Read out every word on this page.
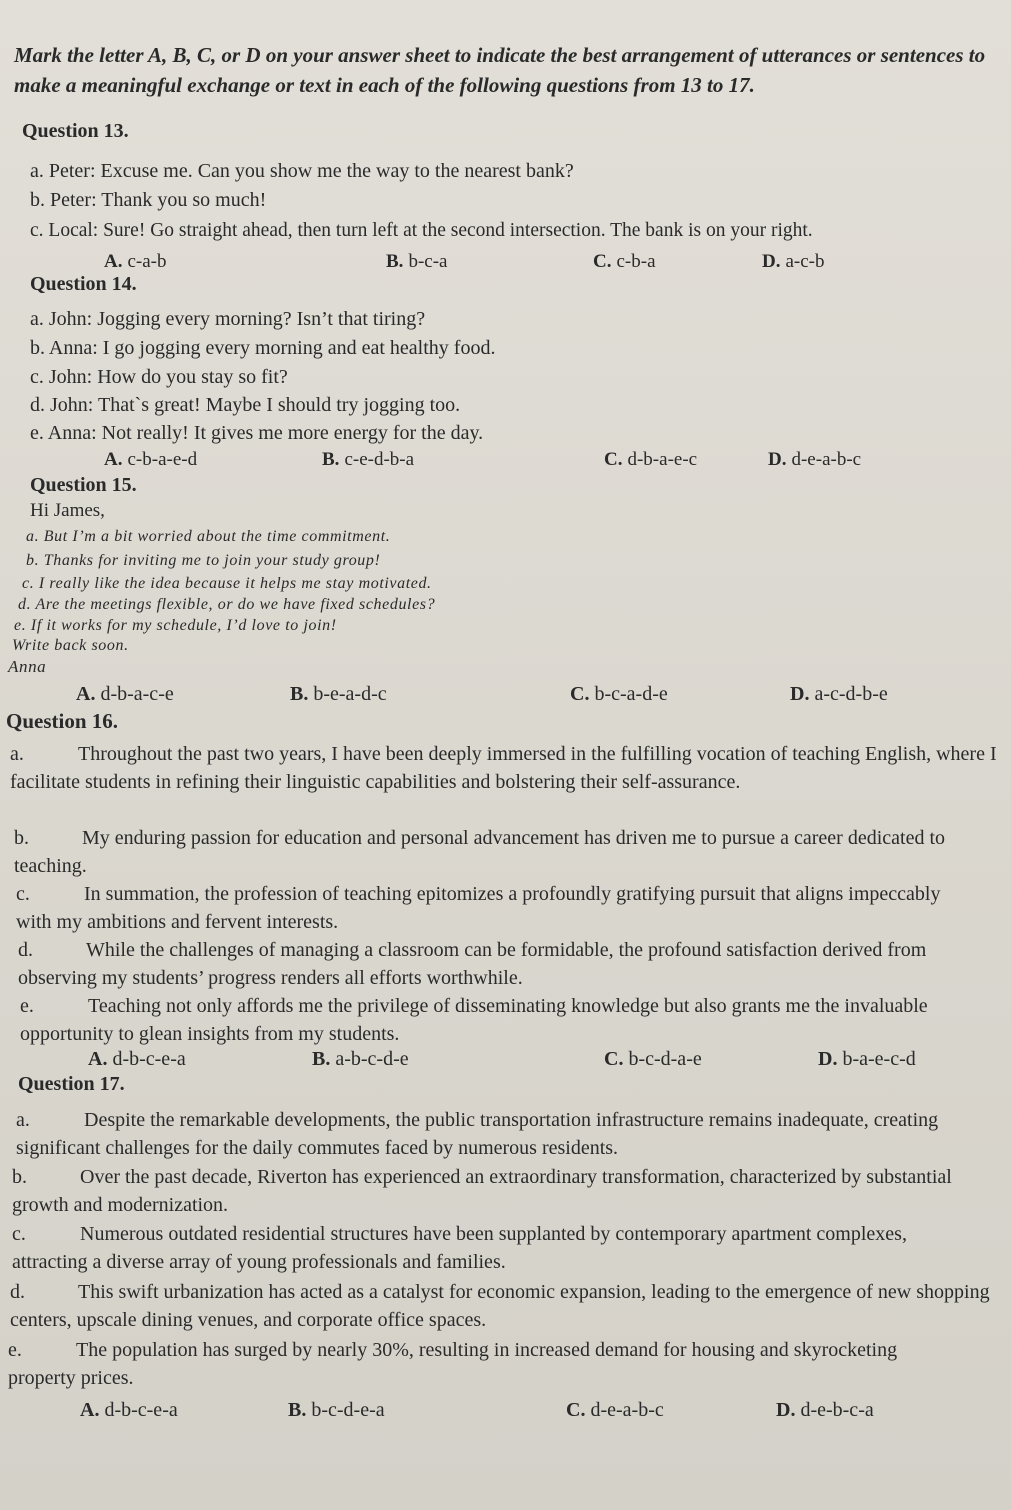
Mark the letter A, B, C, or D on your answer sheet to indicate the best arrangement of utterances or sentences to make a meaningful exchange or text in each of the following questions from 13 to 17.
Question 13.
a. Peter: Excuse me. Can you show me the way to the nearest bank?
b. Peter: Thank you so much!
c. Local: Sure! Go straight ahead, then turn left at the second intersection. The bank is on your right.
A. c-a-b	B. b-c-a	C. c-b-a	D. a-c-b
Question 14.
a. John: Jogging every morning? Isn’t that tiring?
b. Anna: I go jogging every morning and eat healthy food.
c. John: How do you stay so fit?
d. John: That`s great! Maybe I should try jogging too.
e. Anna: Not really! It gives me more energy for the day.
A. c-b-a-e-d	B. c-e-d-b-a	C. d-b-a-e-c	D. d-e-a-b-c
Question 15.
Hi James,
a. But I’m a bit worried about the time commitment.
b. Thanks for inviting me to join your study group!
c. I really like the idea because it helps me stay motivated.
d. Are the meetings flexible, or do we have fixed schedules?
e. If it works for my schedule, I’d love to join!
Write back soon.
Anna
A. d-b-a-c-e	B. b-e-a-d-c	C. b-c-a-d-e	D. a-c-d-b-e
Question 16.
a.	Throughout the past two years, I have been deeply immersed in the fulfilling vocation of teaching English, where I facilitate students in refining their linguistic capabilities and bolstering their self-assurance.
b.	My enduring passion for education and personal advancement has driven me to pursue a career dedicated to teaching.
c.	In summation, the profession of teaching epitomizes a profoundly gratifying pursuit that aligns impeccably with my ambitions and fervent interests.
d.	While the challenges of managing a classroom can be formidable, the profound satisfaction derived from observing my students’ progress renders all efforts worthwhile.
e.	Teaching not only affords me the privilege of disseminating knowledge but also grants me the invaluable opportunity to glean insights from my students.
A. d-b-c-e-a	B. a-b-c-d-e	C. b-c-d-a-e	D. b-a-e-c-d
Question 17.
a.	Despite the remarkable developments, the public transportation infrastructure remains inadequate, creating significant challenges for the daily commutes faced by numerous residents.
b.	Over the past decade, Riverton has experienced an extraordinary transformation, characterized by substantial growth and modernization.
c.	Numerous outdated residential structures have been supplanted by contemporary apartment complexes, attracting a diverse array of young professionals and families.
d.	This swift urbanization has acted as a catalyst for economic expansion, leading to the emergence of new shopping centers, upscale dining venues, and corporate office spaces.
e.	The population has surged by nearly 30%, resulting in increased demand for housing and skyrocketing property prices.
A. d-b-c-e-a	B. b-c-d-e-a	C. d-e-a-b-c	D. d-e-b-c-a
